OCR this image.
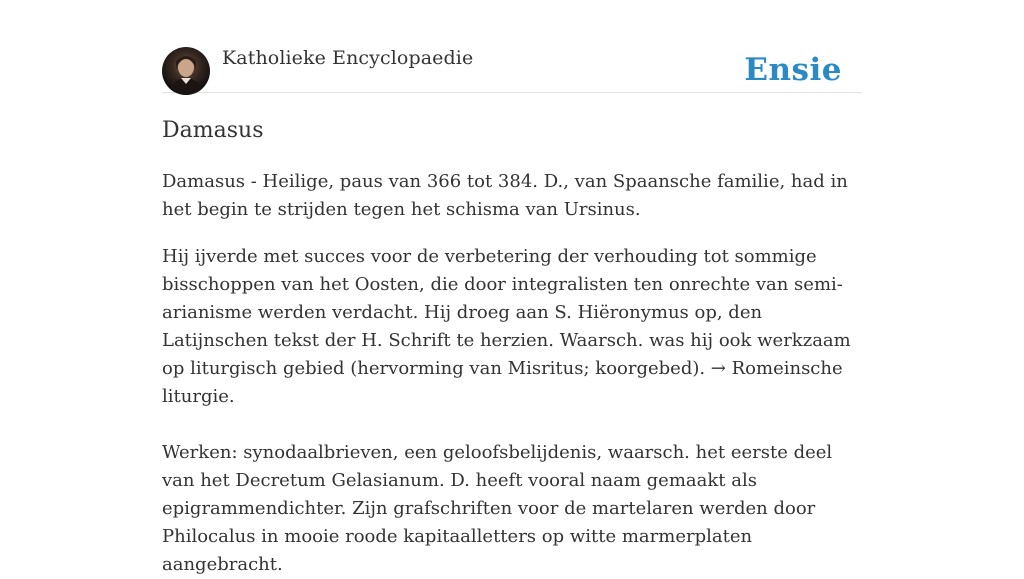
Katholieke Encyclopaedie	Ensie
Damasus

Damasus - Heilige, paus van 366 tot 384. D., van Spaansche familie, had in het begin te strijden tegen het schisma van Ursinus.

Hij ijverde met succes voor de verbetering der verhouding tot sommige bisschoppen van het Oosten, die door integralisten ten onrechte van semi-arianisme werden verdacht. Hij droeg aan S. Hiëronymus op, den Latijnschen tekst der H. Schrift te herzien. Waarsch. was hij ook werkzaam op liturgisch gebied (hervorming van Misritus; koorgebed). → Romeinsche liturgie.

Werken: synodaalbrieven, een geloofsbelijdenis, waarsch. het eerste deel van het Decretum Gelasianum. D. heeft vooral naam gemaakt als epigrammendichter. Zijn grafschriften voor de martelaren werden door Philocalus in mooie roode kapitaalletters op witte marmerplaten aangebracht.
